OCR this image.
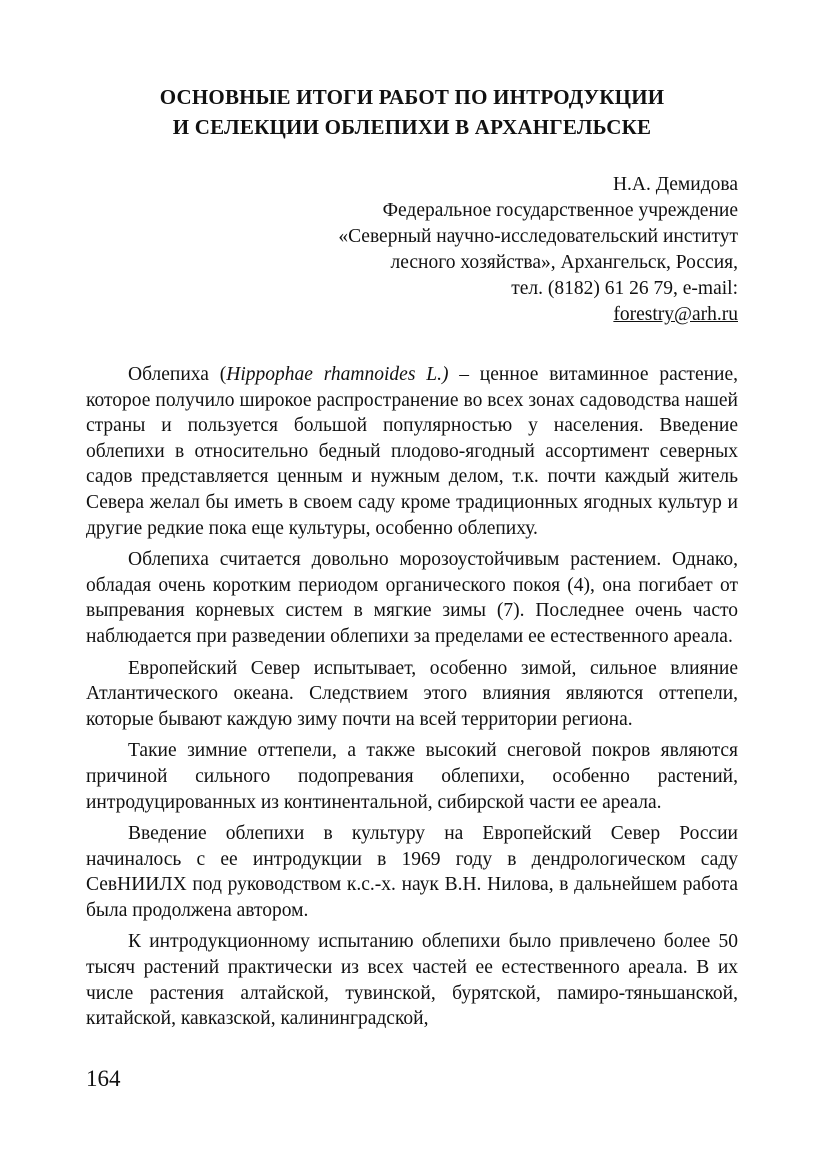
ОСНОВНЫЕ ИТОГИ РАБОТ ПО ИНТРОДУКЦИИ
И СЕЛЕКЦИИ ОБЛЕПИХИ В АРХАНГЕЛЬСКЕ
Н.А. Демидова
Федеральное государственное учреждение
«Северный научно-исследовательский институт
лесного хозяйства», Архангельск, Россия,
тел. (8182) 61 26 79, e-mail:
forestry@arh.ru

Облепиха (Hippophae rhamnoides L.) – ценное витаминное растение, которое получило широкое распространение во всех зонах садоводства нашей страны и пользуется большой популярностью у населения. Введение облепихи в относительно бедный плодово-ягодный ассортимент северных садов представляется ценным и нужным делом, т.к. почти каждый житель Севера желал бы иметь в своем саду кроме традиционных ягодных культур и другие редкие пока еще культуры, особенно облепиху.

Облепиха считается довольно морозоустойчивым растением. Однако, обладая очень коротким периодом органического покоя (4), она погибает от выпревания корневых систем в мягкие зимы (7). Последнее очень часто наблюдается при разведении облепихи за пределами ее естественного ареала.

Европейский Север испытывает, особенно зимой, сильное влияние Атлантического океана. Следствием этого влияния являются оттепели, которые бывают каждую зиму почти на всей территории региона.

Такие зимние оттепели, а также высокий снеговой покров являются причиной сильного подопревания облепихи, особенно растений, интродуцированных из континентальной, сибирской части ее ареала.

Введение облепихи в культуру на Европейский Север России начиналось с ее интродукции в 1969 году в дендрологическом саду СевНИИЛХ под руководством к.с.-х. наук В.Н. Нилова, в дальнейшем работа была продолжена автором.

К интродукционному испытанию облепихи было привлечено более 50 тысяч растений практически из всех частей ее естественного ареала. В их числе растения алтайской, тувинской, бурятской, памиро-тяньшанской, китайской, кавказской, калининградской,

164
